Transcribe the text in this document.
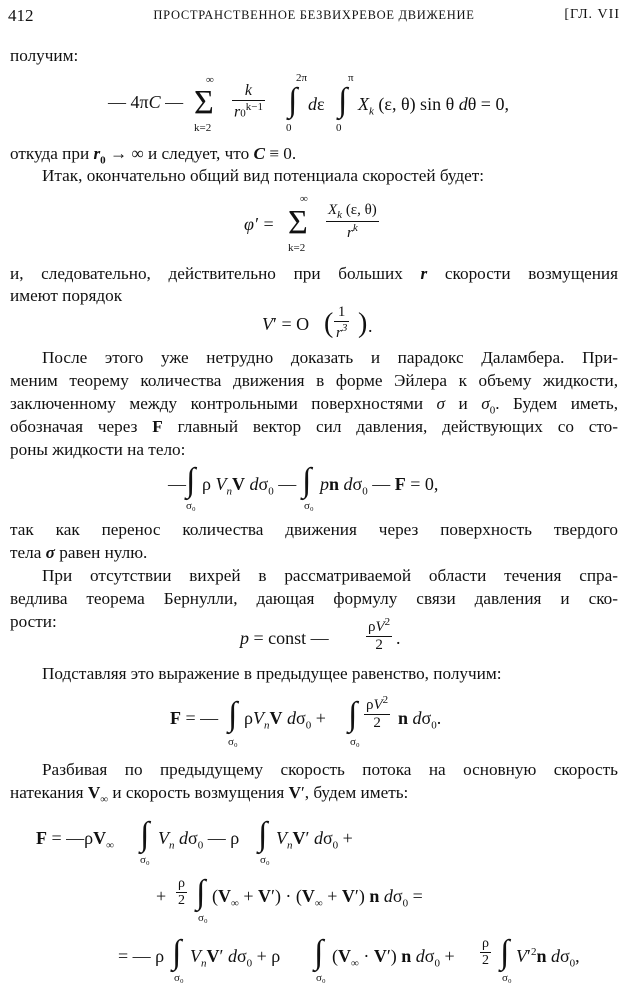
412	ПРОСТРАНСТВЕННОЕ БЕЗВИХРЕВОЕ ДВИЖЕНИЕ	[ГЛ. VII
получим:
— 4πC — Σ
∞
k=2
$\frac{k}{r0^{k-1}}$ ∫
2π
0
dε ∫
π
0
$X_k$ (ε, θ) sin θ dθ = 0,
откуда при $r_0$ → ∞ и следует, что C ≡ 0.
Итак, окончательно общий вид потенциала скоростей будет:
φ′ = Σ
∞
k=2
$\frac{X_k (\varepsilon, \theta)}{r^k}$
и, следовательно, действительно при больших r скорости возмущения
имеют порядок
V′ = O ( $\frac{1}{r^3}$ ) .
После этого уже нетрудно доказать и парадокс Даламбера. При-
меним теорему количества движения в форме Эйлера к объему жидкости,
заключенному между контрольными поверхностями σ и $\sigma_0$. Будем иметь,
обозначая через F главный вектор сил давления, действующих со сто-
роны жидкости на тело:
— ∫
σ₀
ρ $V_nV$ $d\sigma_0$ — ∫
σ₀
pn $d\sigma_0$ — F = 0,
так как перенос количества движения через поверхность твердого
тела σ равен нулю.
При отсутствии вихрей в рассматриваемой области течения спра-
ведлива теорема Бернулли, дающая формулу связи давления и ско-
рости:
p = const — $\frac{\rho V^2}{2}$ .
Подставляя это выражение в предыдущее равенство, получим:
F = — ∫
σ₀
$\rho V_nV$ $d\sigma_0$ + ∫
σ₀
$\frac{\rho V^2}{2}$ n $d\sigma_0$.
Разбивая по предыдущему скорость потока на основную скорость
натекания $V_\infty$ и скорость возмущения V′, будем иметь:
$F = —\rho V_\infty$ ∫
σ₀
$V_n$ $d\sigma_0$ — ρ ∫
σ₀
$V_nV'$ $d\sigma_0$ +
+ $\frac{\rho}{2}$ ∫
σ₀
$(V_\infty + V') \cdot (V_\infty + V')$ n $d\sigma_0$ =
= — ρ ∫
σ₀
$V_nV'$ $d\sigma_0 + \rho$ ∫
σ₀
$(V_\infty \cdot V')$ n $d\sigma_0 + \frac{\rho}{2}$ ∫
σ₀
$V'^2n$ $d\sigma_0$,
